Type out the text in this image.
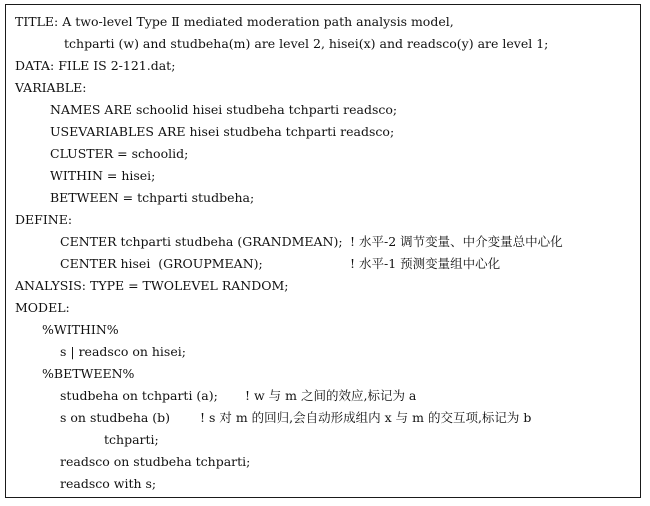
TITLE: A two-level Type Ⅱ mediated moderation path analysis model,
tchparti (w) and studbeha(m) are level 2, hisei(x) and readsco(y) are level 1;
DATA: FILE IS 2-121.dat;
VARIABLE:
NAMES ARE schoolid hisei studbeha tchparti readsco;
USEVARIABLES ARE hisei studbeha tchparti readsco;
CLUSTER = schoolid;
WITHIN = hisei;
BETWEEN = tchparti studbeha;
DEFINE:
CENTER tchparti studbeha (GRANDMEAN); ! 水平-2 调节变量、中介变量总中心化
CENTER hisei  (GROUPMEAN);	! 水平-1 预测变量组中心化
ANALYSIS: TYPE = TWOLEVEL RANDOM;
MODEL:
%WITHIN%
s | readsco on hisei;
%BETWEEN%
studbeha on tchparti (a); ! w 与 m 之间的效应,标记为 a
s on studbeha (b) ! s 对 m 的回归,会自动形成组内 x 与 m 的交互项,标记为 b
tchparti;
readsco on studbeha tchparti;
readsco with s;
